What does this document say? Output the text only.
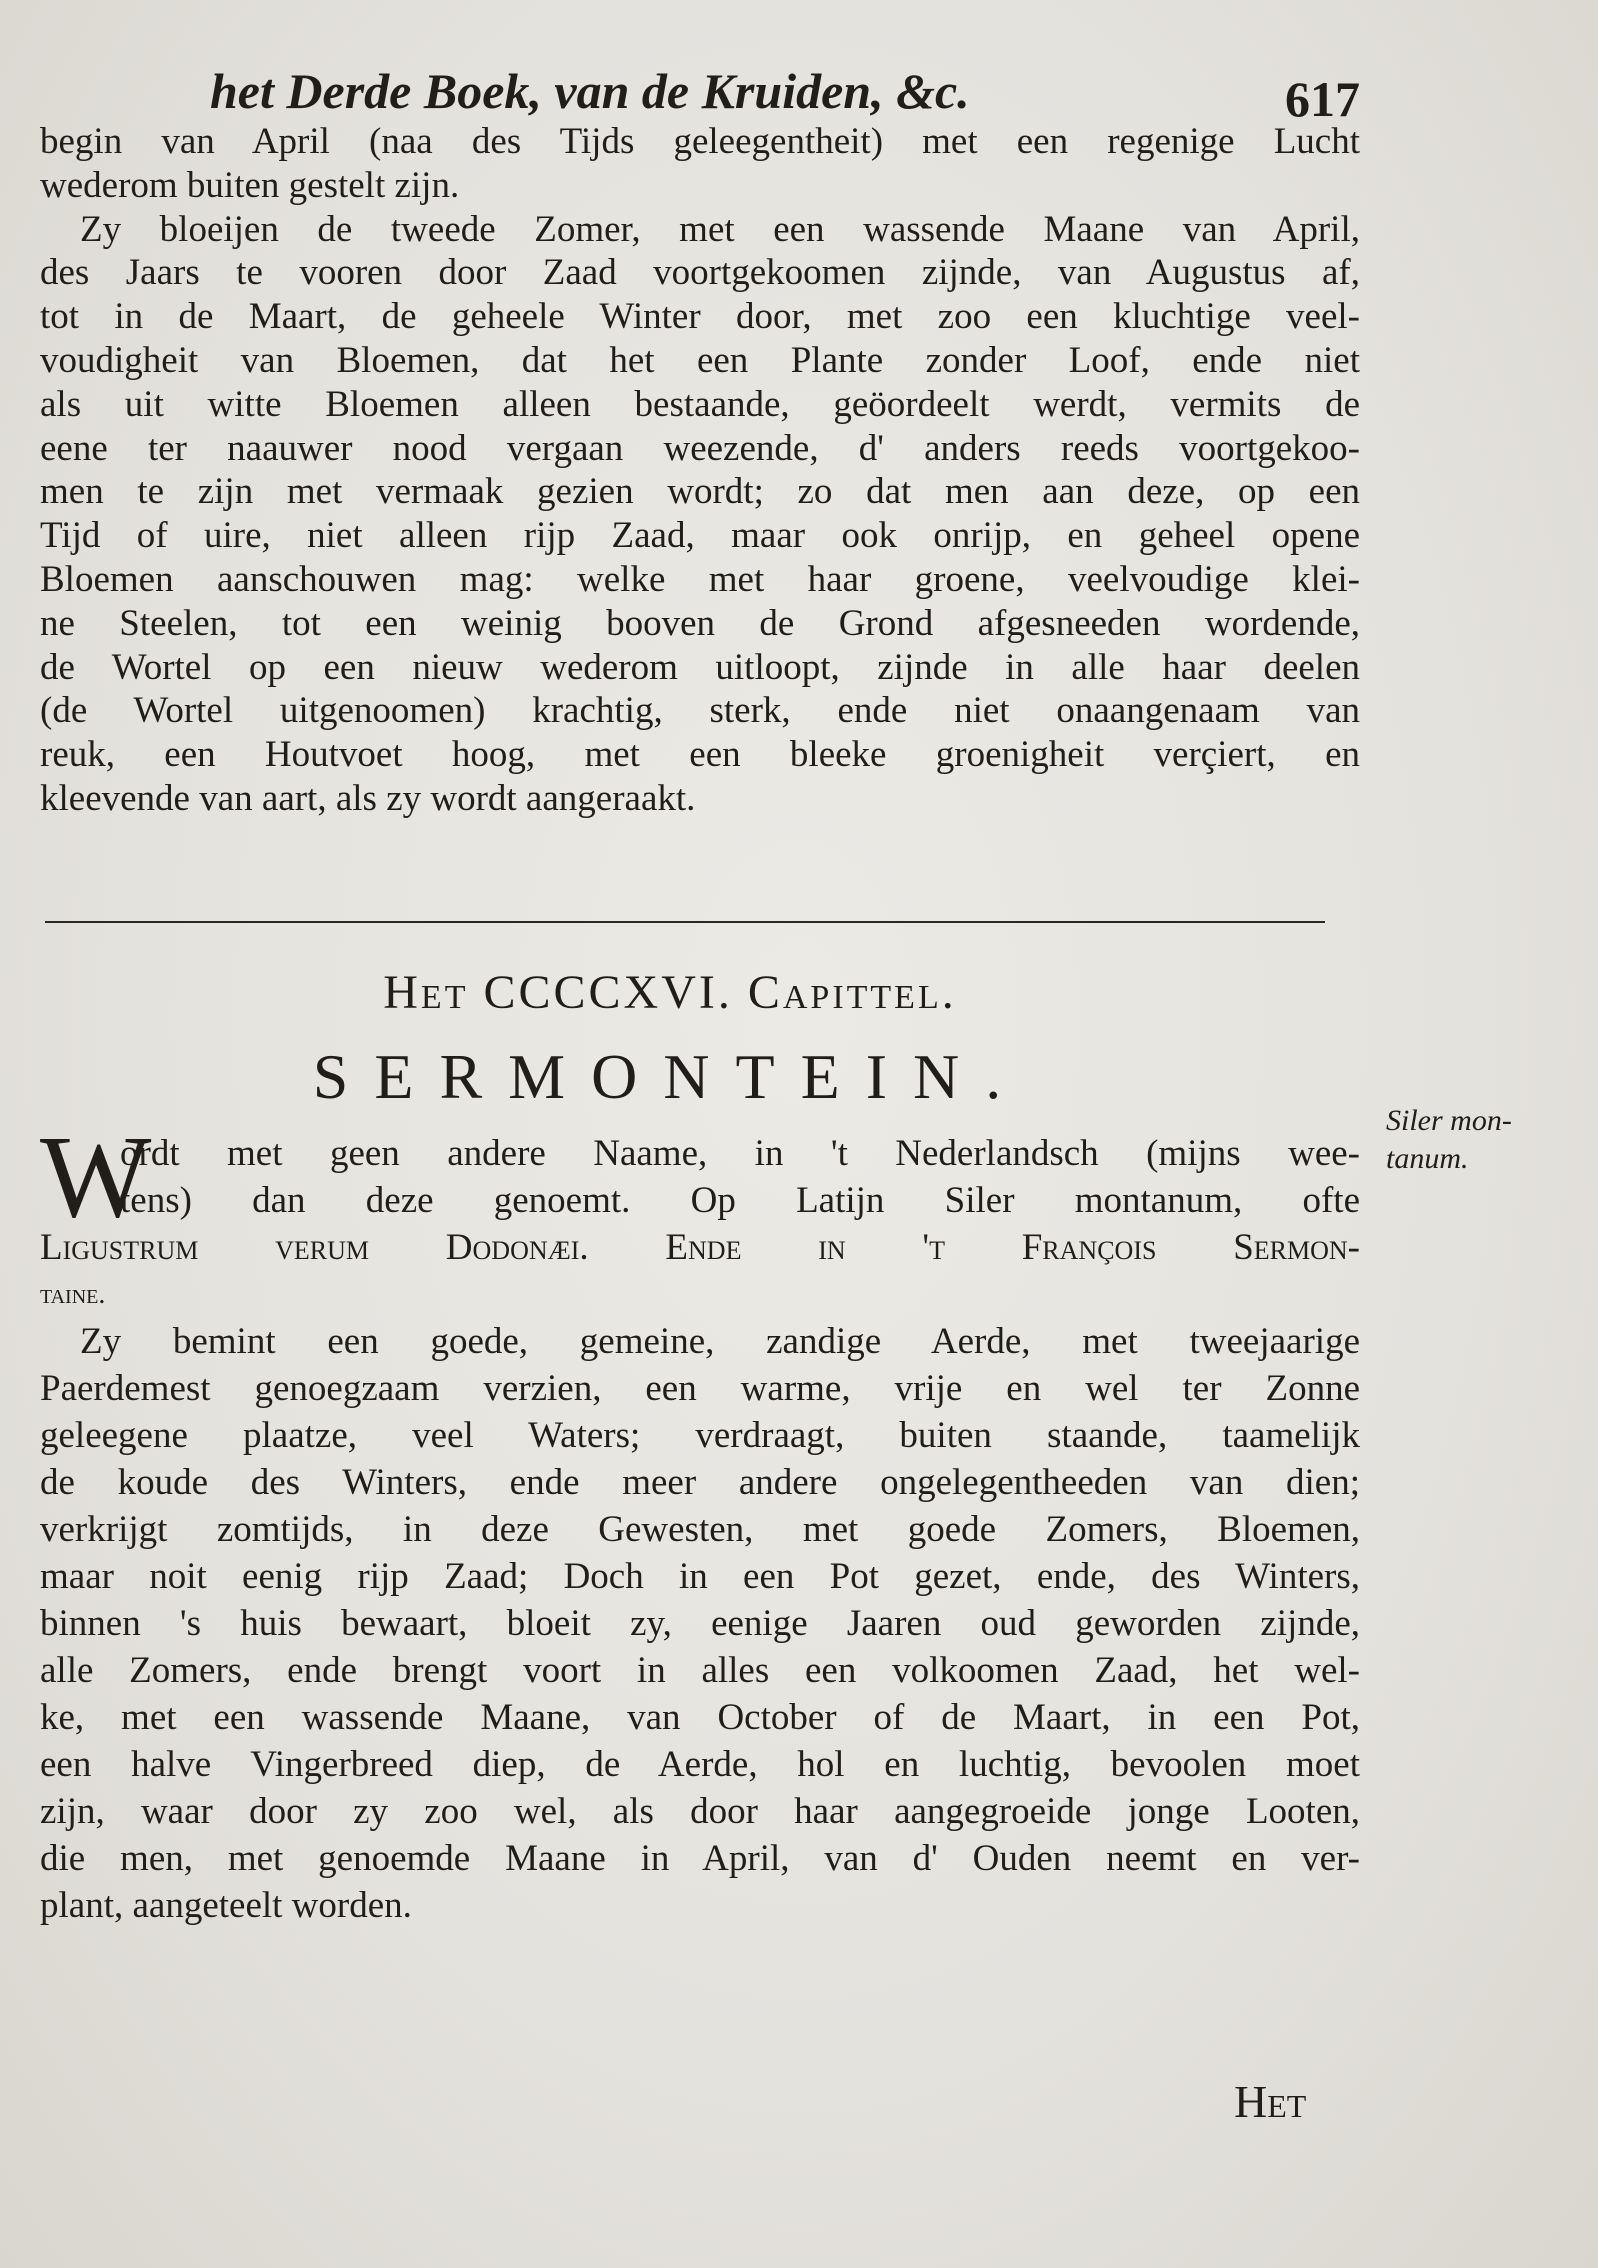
het Derde Boek, van de Kruiden, &c.	617
begin van April (naa des Tijds geleegentheit) met een regenige Lucht
wederom buiten gestelt zijn.
Zy bloeijen de tweede Zomer, met een wassende Maane van April,
des Jaars te vooren door Zaad voortgekoomen zijnde, van Augustus af,
tot in de Maart, de geheele Winter door, met zoo een kluchtige veel-
voudigheit van Bloemen, dat het een Plante zonder Loof, ende niet
als uit witte Bloemen alleen bestaande, geöordeelt werdt, vermits de
eene ter naauwer nood vergaan weezende, d' anders reeds voortgekoo-
men te zijn met vermaak gezien wordt; zo dat men aan deze, op een
Tijd of uire, niet alleen rijp Zaad, maar ook onrijp, en geheel opene
Bloemen aanschouwen mag: welke met haar groene, veelvoudige klei-
ne Steelen, tot een weinig booven de Grond afgesneeden wordende,
de Wortel op een nieuw wederom uitloopt, zijnde in alle haar deelen
(de Wortel uitgenoomen) krachtig, sterk, ende niet onaangenaam van
reuk, een Houtvoet hoog, met een bleeke groenigheit verçiert, en
kleevende van aart, als zy wordt aangeraakt.
Het CCCCXVI. Capittel.
SERMONTEIN.
Siler mon-
tanum.
W
ordt met geen andere Naame, in 't Nederlandsch (mijns wee-
tens) dan deze genoemt. Op Latijn Siler montanum, ofte
Ligustrum verum Dodonæi. Ende in 't François Sermon-
taine.
Zy bemint een goede, gemeine, zandige Aerde, met tweejaarige
Paerdemest genoegzaam verzien, een warme, vrije en wel ter Zonne
geleegene plaatze, veel Waters; verdraagt, buiten staande, taamelijk
de koude des Winters, ende meer andere ongelegentheeden van dien;
verkrijgt zomtijds, in deze Gewesten, met goede Zomers, Bloemen,
maar noit eenig rijp Zaad; Doch in een Pot gezet, ende, des Winters,
binnen 's huis bewaart, bloeit zy, eenige Jaaren oud geworden zijnde,
alle Zomers, ende brengt voort in alles een volkoomen Zaad, het wel-
ke, met een wassende Maane, van October of de Maart, in een Pot,
een halve Vingerbreed diep, de Aerde, hol en luchtig, bevoolen moet
zijn, waar door zy zoo wel, als door haar aangegroeide jonge Looten,
die men, met genoemde Maane in April, van d' Ouden neemt en ver-
plant, aangeteelt worden.
Het
